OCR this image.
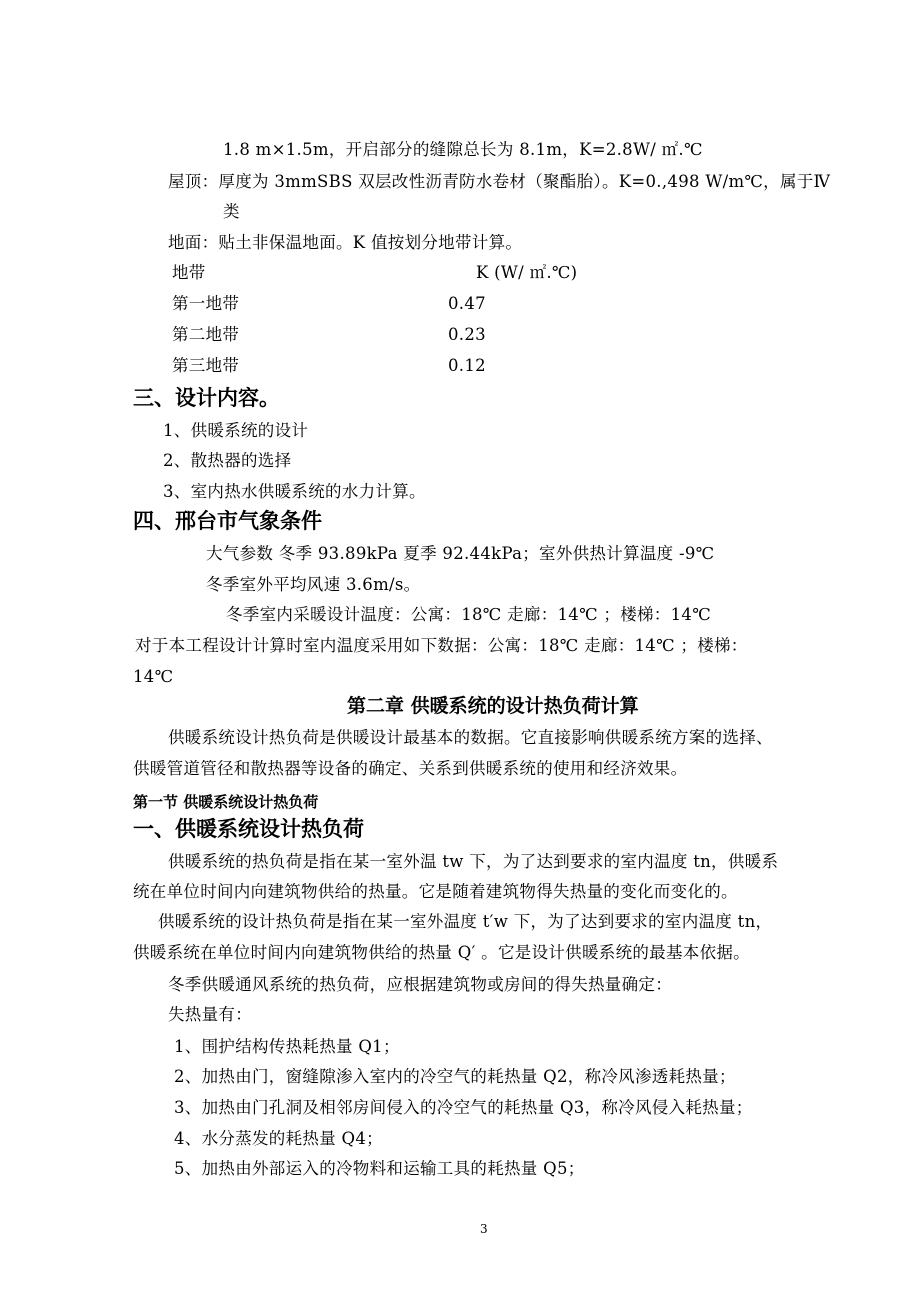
1.8 m×1.5m，开启部分的缝隙总长为 8.1m，K=2.8W/ ㎡.℃
屋顶：厚度为 3mmSBS 双层改性沥青防水卷材（聚酯胎）。K=0.,498 W/m℃，属于Ⅳ
类
地面：贴土非保温地面。K 值按划分地带计算。
地带	K (W/ ㎡.℃)
第一地带	0.47
第二地带	0.23
第三地带	0.12
三、设计内容。
1、供暖系统的设计
2、散热器的选择
3、室内热水供暖系统的水力计算。
四、邢台市气象条件
大气参数 冬季 93.89kPa 夏季 92.44kPa；室外供热计算温度 -9℃
冬季室外平均风速 3.6m/s。
冬季室内采暖设计温度：公寓：18℃ 走廊：14℃ ；楼梯：14℃
对于本工程设计计算时室内温度采用如下数据：公寓：18℃ 走廊：14℃ ；楼梯：
14℃
第二章 供暖系统的设计热负荷计算
供暖系统设计热负荷是供暖设计最基本的数据。它直接影响供暖系统方案的选择、
供暖管道管径和散热器等设备的确定、关系到供暖系统的使用和经济效果。
第一节 供暖系统设计热负荷
一、供暖系统设计热负荷
供暖系统的热负荷是指在某一室外温 tw 下，为了达到要求的室内温度 tn，供暖系
统在单位时间内向建筑物供给的热量。它是随着建筑物得失热量的变化而变化的。
供暖系统的设计热负荷是指在某一室外温度 t′w 下，为了达到要求的室内温度 tn，
供暖系统在单位时间内向建筑物供给的热量 Q′ 。它是设计供暖系统的最基本依据。
冬季供暖通风系统的热负荷，应根据建筑物或房间的得失热量确定：
失热量有：
1、围护结构传热耗热量 Q1；
2、加热由门，窗缝隙渗入室内的冷空气的耗热量 Q2，称冷风渗透耗热量；
3、加热由门孔洞及相邻房间侵入的冷空气的耗热量 Q3，称冷风侵入耗热量；
4、水分蒸发的耗热量 Q4；
5、加热由外部运入的冷物料和运输工具的耗热量 Q5；
3
